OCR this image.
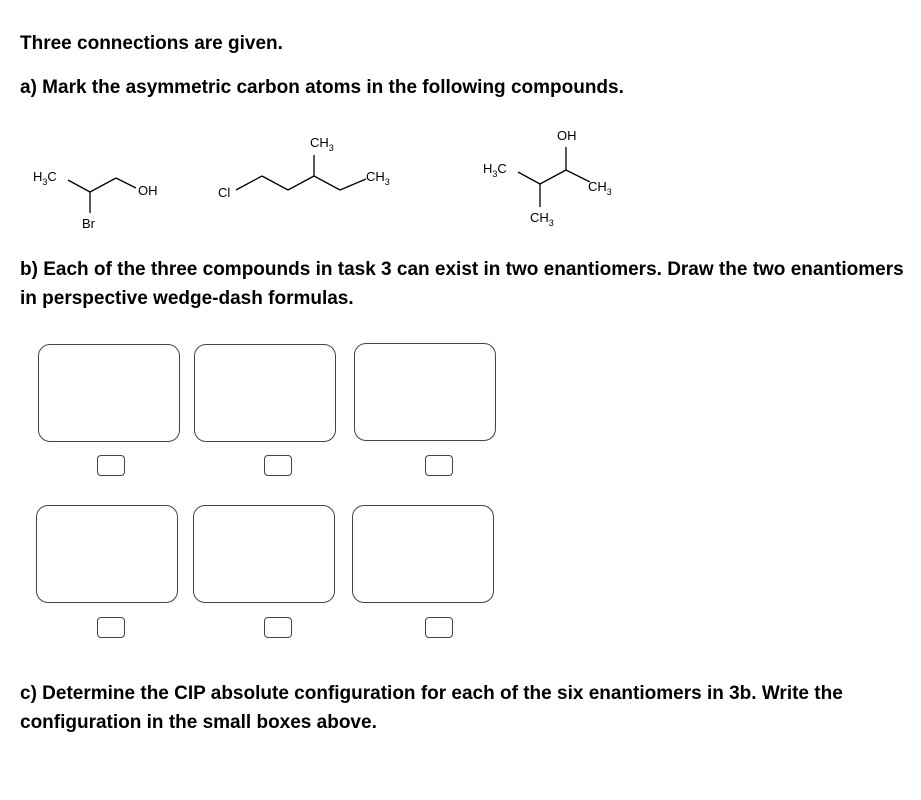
Three connections are given.
a) Mark the asymmetric carbon atoms in the following compounds.
$H_3C$
OH
Br
Cl
$CH_3$
$CH_3$
OH
$H_3C$
$CH_3$
$CH_3$
b) Each of the three compounds in task 3 can exist in two enantiomers. Draw the two enantiomers in perspective wedge-dash formulas.
c) Determine the CIP absolute configuration for each of the six enantiomers in 3b. Write the configuration in the small boxes above.
